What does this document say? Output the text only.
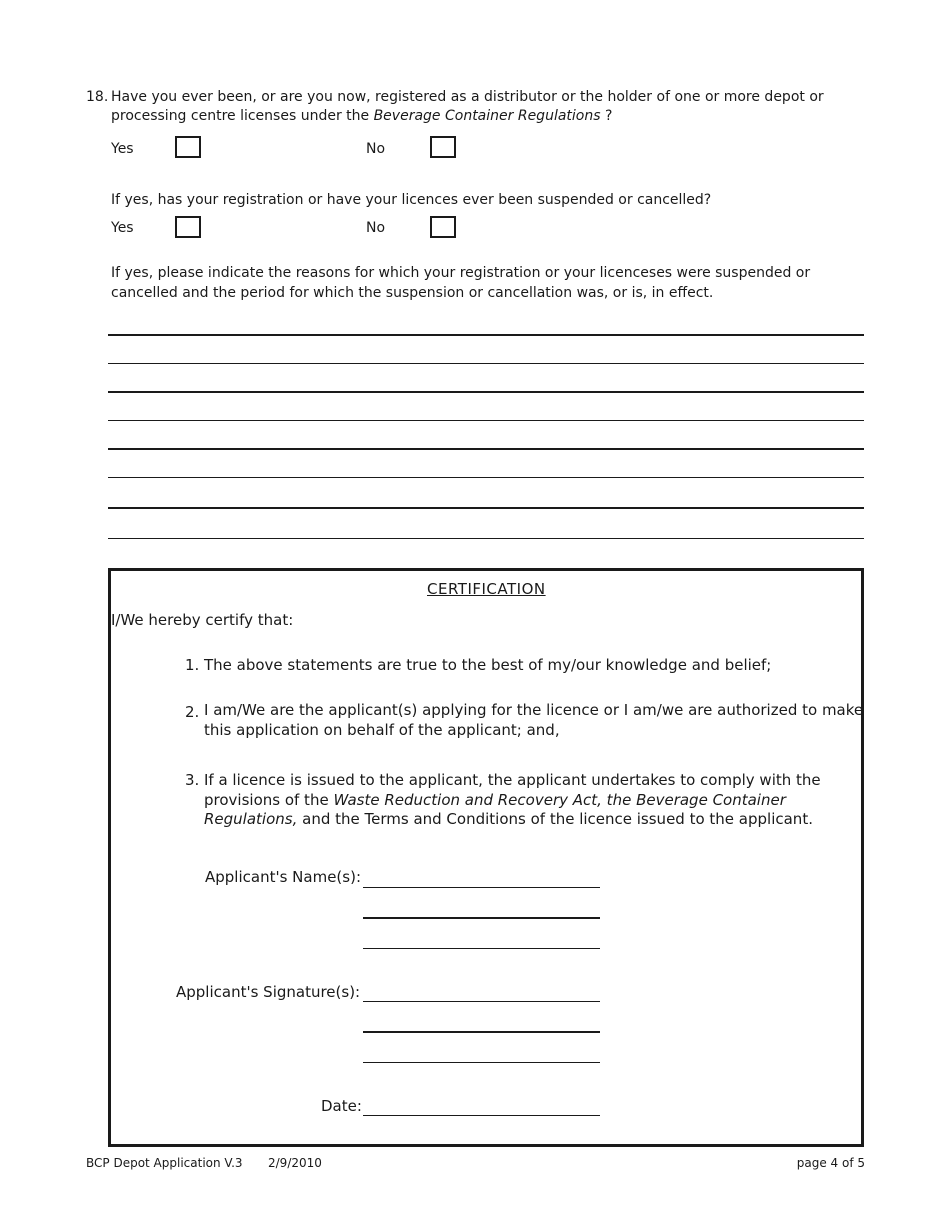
18. Have you ever been, or are you now, registered as a distributor or the holder of one or more depot or
processing centre licenses under the Beverage Container Regulations ?
Yes	No
If yes, has your registration or have your licences ever been suspended or cancelled?
Yes	No
If yes, please indicate the reasons for which your registration or your licenceses were suspended or
cancelled and the period for which the suspension or cancellation was, or is, in effect.
CERTIFICATION
I/We hereby certify that:
1. The above statements are true to the best of my/our knowledge and belief;
2. I am/We are the applicant(s) applying for the licence or I am/we are authorized to make
this application on behalf of the applicant; and,
3. If a licence is issued to the applicant, the applicant undertakes to comply with the
provisions of the Waste Reduction and Recovery Act, the Beverage Container
Regulations, and the Terms and Conditions of the licence issued to the applicant.
Applicant's Name(s):
Applicant's Signature(s):
Date:
BCP Depot Application V.3 2/9/2010	page 4 of 5
